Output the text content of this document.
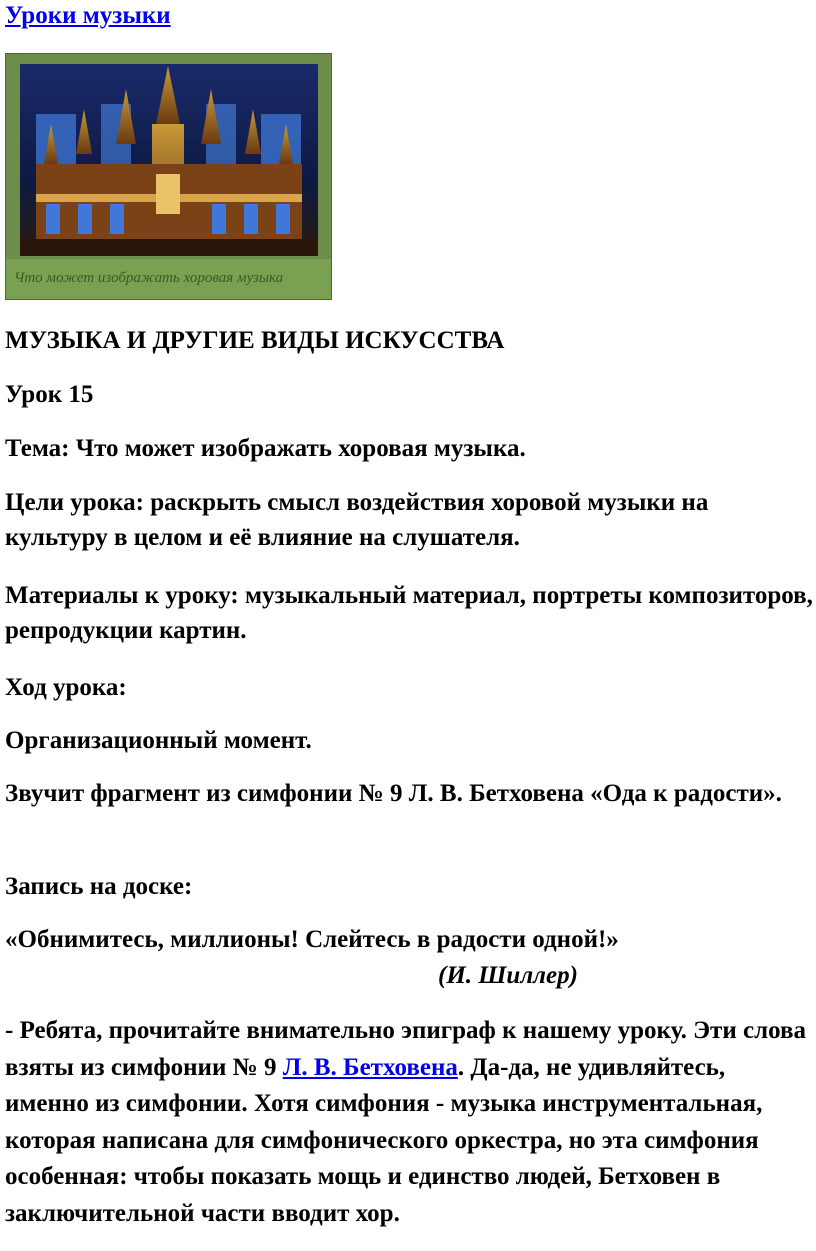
Уроки музыки
Что может изображать хоровая музыка

МУЗЫКА И ДРУГИЕ ВИДЫ ИСКУССТВА

Урок 15

Тема: Что может изображать хоровая музыка.

Цели урока: раскрыть смысл воздействия хоровой музыки на культуру в целом и её влияние на слушателя.

Материалы к уроку: музыкальный материал, портреты композиторов, репродукции картин.

Ход урока:

Организационный момент.

Звучит фрагмент из симфонии № 9 Л. В. Бетховена «Ода к радости».

Запись на доске:

«Обнимитесь, миллионы! Слейтесь в радости одной!»

(И. Шиллер)

- Ребята, прочитайте внимательно эпиграф к нашему уроку. Эти слова взяты из симфонии № 9 Л. В. Бетховена. Да-да, не удивляйтесь, именно из симфонии. Хотя симфония - музыка инструментальная, которая написана для симфонического оркестра, но эта симфония особенная: чтобы показать мощь и единство людей, Бетховен в заключительной части вводит хор.
